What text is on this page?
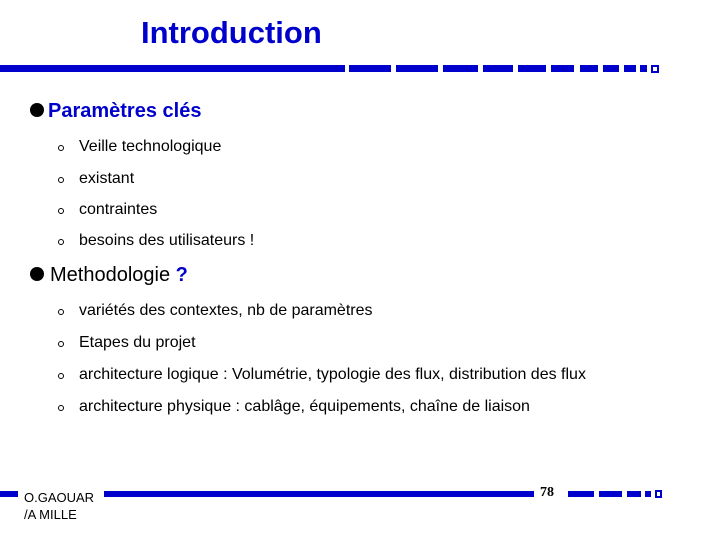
Introduction
Paramètres clés
Veille technologique
existant
contraintes
besoins des utilisateurs !
Methodologie ?
variétés des contextes, nb de paramètres
Etapes du projet
architecture logique : Volumétrie, typologie des flux, distribution des flux
architecture physique : cablâge, équipements, chaîne de liaison
O.GAOUAR
/A MILLE
78
